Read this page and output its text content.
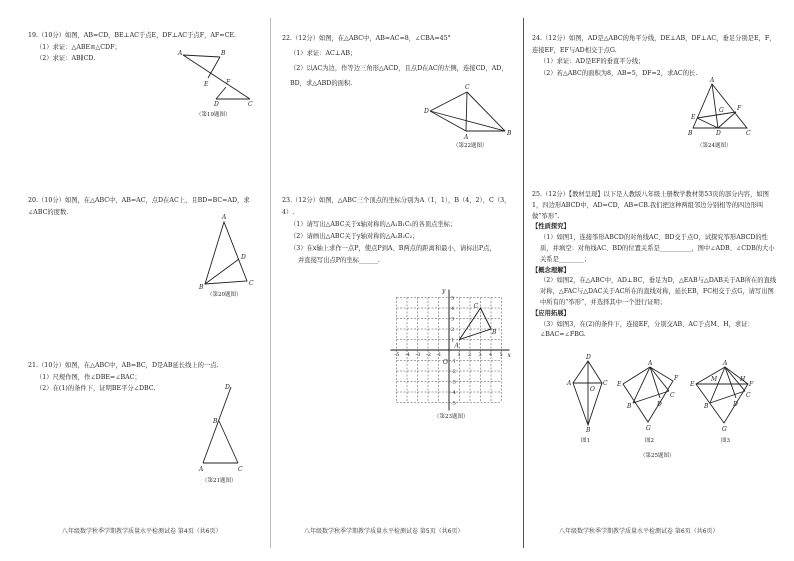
19.（10分）如图，AB=CD，BE⊥AC于点E，DF⊥AC于点F，AF=CE.

（1）求证：△ABE≌△CDF；

（2）求证：AB∥CD.

20.（10分）如图，在△ABC中，AB=AC，点D在AC上，且BD=BC=AD，求∠ABC的度数.

21.（10分）如图，在△ABC中，AB=BC，D是AB延长线上的一点.

（1）尺规作图，作∠DBE=∠BAC；

（2）在(1)的条件下，证明BE平分∠DBC.

22.（12分）如图，在△ABC中，AB=AC=8，∠CBA=45°

（1）求证：AC⊥AB；

（2）以AC为边，作等边三角形△ACD，且点D在AC的左侧，连接CD，AD，BD，求△ABD的面积.

23.（12分）如图，△ABC三个顶点的坐标分别为A（1，1），B（4，2），C（3，4）.

（1）请写出△ABC关于x轴对称的△A₁B₁C₁的各顶点坐标；

（2）请画出△ABC关于y轴对称的△A₂B₂C₂；

（3）在x轴上求作一点P，使点P到A、B两点的距离和最小，请标出P点，

并直接写出点P的坐标______.

24.（12分）如图，AD是△ABC的角平分线，DE⊥AB，DF⊥AC，垂足分别是E，F，连接EF，EF与AD相交于点G.

（1）求证：AD是EF的垂直平分线；

（2）若△ABC的面积为8，AB=5，DF=2，求AC的长.

25.（12分）【教材呈现】以下是人教版八年级上册数学教材第53页的部分内容，如图1，四边形ABCD中，AD=CD，AB=CB.我们把这种两组邻边分别相等的四边形叫做“筝形”.

【性质探究】

（1）如图1，连接筝形ABCD的对角线AC、BD交于点O，试探究筝形ABCD的性质，并填空：对角线AC、BD的位置关系是__________，图中∠ADB、∠CDB的大小关系是________；

【概念理解】

（2）如图2，在△ABC中，AD⊥BC，垂足为D，△EAB与△DAB关于AB所在的直线对称，△FAC与△DAC关于AC所在的直线对称，延长EB，FC相交于点G，请写出图中所有的“筝形”，并选择其中一个进行证明；

【应用拓展】

（3）如图3，在(2)的条件下，连接EF，分别交AB、AC于点M、H，求证：∠BAC=∠FBG.

A	B
E	F
D	C
（第19题图）
A
D
B
C
（第20题图）
D
B
A	C
（第21题图）
C
D
A
B
（第22题图）
-5
-5
-4
-4
-3
-3
-2
-2
-1
-1
1
1
2
2
3
3
4
4
5
5
x
y
O
A
B
C
（第23题图）
A
B	C
D
E
F
G
（第24题图）
D
A	C
O
B
图1
A
E
F
B	D
C
G
图2
A
E	F
M	H
B	D
C
G
图3
（第25题图）
八年级数学秋季学期教学质量水平检测试卷 第4页（共6页）	八年级数学秋季学期教学质量水平检测试卷 第5页（共6页）	八年级数学秋季学期教学质量水平检测试卷 第6页（共6页）
